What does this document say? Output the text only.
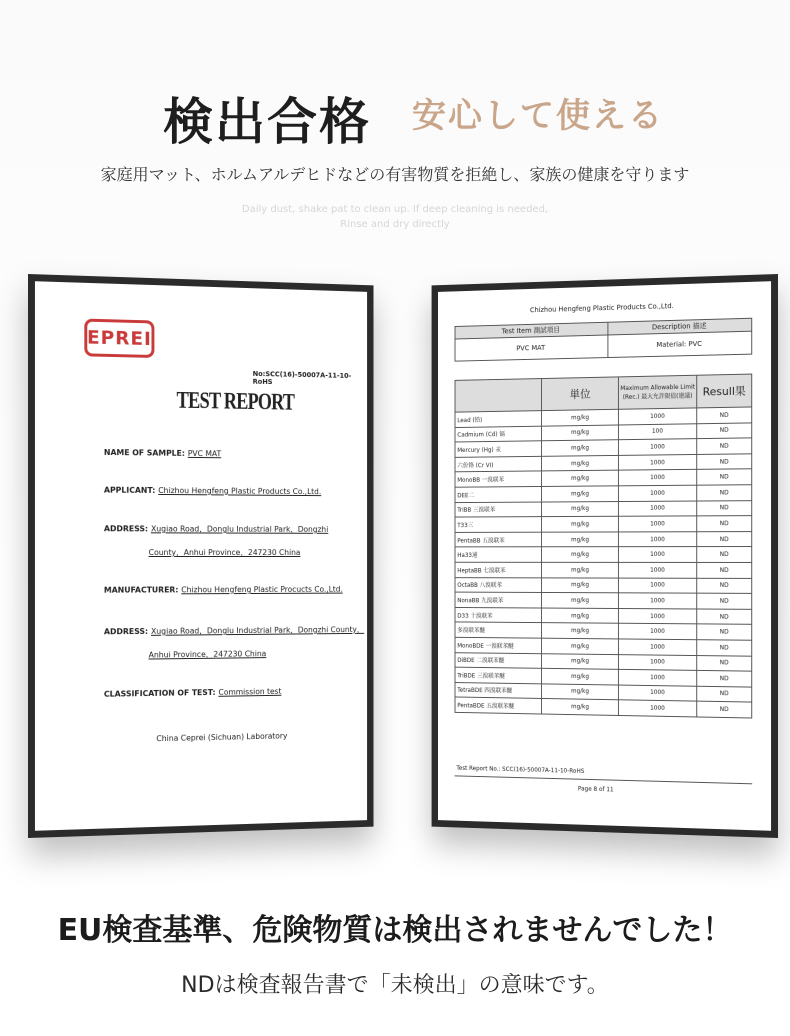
検出合格 安心して使える
家庭用マット、ホルムアルデヒドなどの有害物質を拒絶し、家族の健康を守ります
Daily dust, shake pat to clean up. If deep cleaning is needed,
Rinse and dry directly
EPREI
No:SCC(16)-50007A-11-10-RoHS
TEST REPORT
NAME OF SAMPLE: PVC MAT
APPLICANT: Chizhou Hengfeng Plastic Products Co.,Ltd.
ADDRESS: Xugiao Road，Donglu Industrial Park，Dongzhi
County，Anhui Province，247230 China
MANUFACTURER: Chizhou Hengfeng Plastic Procucts Co.,Ltd.
ADDRESS: Xugiao Road，Donglu Industrial Park，Dongzhi County，
Anhui Province，247230 China
CLASSIFICATION OF TEST: Commission test
China Ceprei (Sichuan) Laboratory
Chizhou Hengfeng Plastic Products Co.,Ltd.
Test Item 測試項目	Description 描述
PVC MAT	Material: PVC
	単位	Maximum Allowable Limit (Rec.) 最大允許限值(建議)	Resull果
Lead (铅)	mg/kg	1000	ND
Cadmium (Cd) 镉	mg/kg	100	ND
Mercury (Hg) 汞	mg/kg	1000	ND
六价铬 (Cr VI)	mg/kg	1000	ND
MonoBB 一溴联苯	mg/kg	1000	ND
DEE二	mg/kg	1000	ND
TriBB 三溴联苯	mg/kg	1000	ND
T33三	mg/kg	1000	ND
PentaBB 五溴联苯	mg/kg	1000	ND
Ha33逋	mg/kg	1000	ND
HeptaBB 七溴联苯	mg/kg	1000	ND
OctaBB 八溴联苯	mg/kg	1000	ND
NonaBB 九溴联苯	mg/kg	1000	ND
D33 十溴联苯	mg/kg	1000	ND
多溴联苯醚	mg/kg	1000	ND
MonoBDE 一溴联苯醚	mg/kg	1000	ND
DiBDE 二溴联苯醚	mg/kg	1000	ND
TriBDE 三溴联苯醚	mg/kg	1000	ND
TetraBDE 四溴联苯醚	mg/kg	1000	ND
PentaBDE 五溴联苯醚	mg/kg	1000	ND
Test Report No.: SCC(16)-50007A-11-10-RoHS
Page 8 of 11
EU検査基準、危険物質は検出されませんでした！
NDは検査報告書で「未検出」の意味です。
